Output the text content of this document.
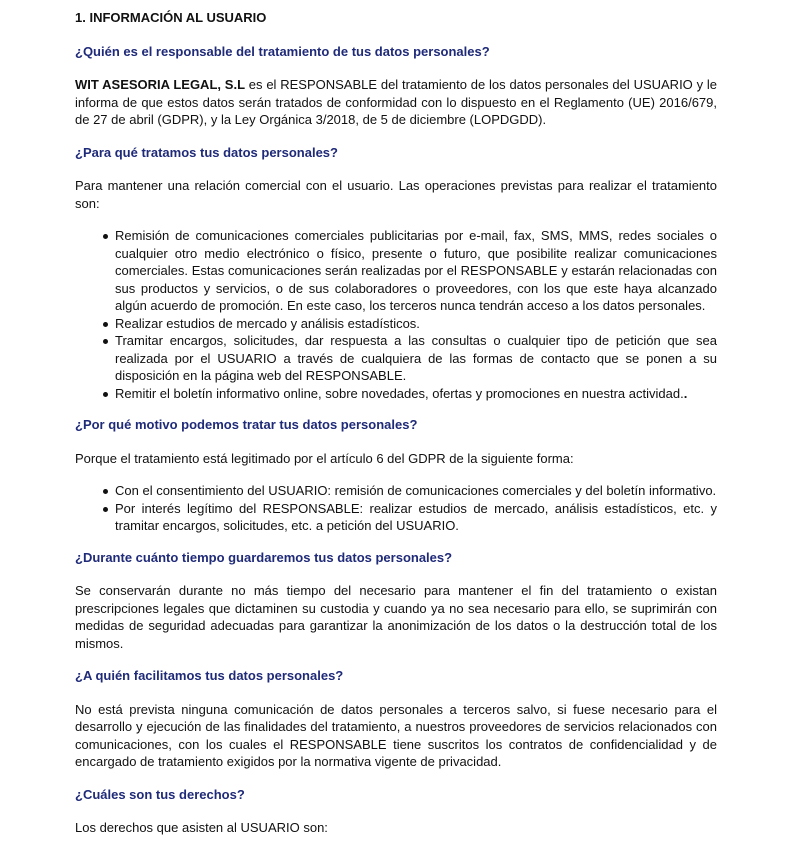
1. INFORMACIÓN AL USUARIO
¿Quién es el responsable del tratamiento de tus datos personales?

WIT ASESORIA LEGAL, S.L es el RESPONSABLE del tratamiento de los datos personales del USUARIO y le informa de que estos datos serán tratados de conformidad con lo dispuesto en el Reglamento (UE) 2016/679, de 27 de abril (GDPR), y la Ley Orgánica 3/2018, de 5 de diciembre (LOPDGDD).

¿Para qué tratamos tus datos personales?

Para mantener una relación comercial con el usuario. Las operaciones previstas para realizar el tratamiento son:

Remisión de comunicaciones comerciales publicitarias por e-mail, fax, SMS, MMS, redes sociales o cualquier otro medio electrónico o físico, presente o futuro, que posibilite realizar comunicaciones comerciales. Estas comunicaciones serán realizadas por el RESPONSABLE y estarán relacionadas con sus productos y servicios, o de sus colaboradores o proveedores, con los que este haya alcanzado algún acuerdo de promoción. En este caso, los terceros nunca tendrán acceso a los datos personales.
Realizar estudios de mercado y análisis estadísticos.
Tramitar encargos, solicitudes, dar respuesta a las consultas o cualquier tipo de petición que sea realizada por el USUARIO a través de cualquiera de las formas de contacto que se ponen a su disposición en la página web del RESPONSABLE.
Remitir el boletín informativo online, sobre novedades, ofertas y promociones en nuestra actividad..
¿Por qué motivo podemos tratar tus datos personales?

Porque el tratamiento está legitimado por el artículo 6 del GDPR de la siguiente forma:

Con el consentimiento del USUARIO: remisión de comunicaciones comerciales y del boletín informativo.
Por interés legítimo del RESPONSABLE: realizar estudios de mercado, análisis estadísticos, etc. y tramitar encargos, solicitudes, etc. a petición del USUARIO.
¿Durante cuánto tiempo guardaremos tus datos personales?

Se conservarán durante no más tiempo del necesario para mantener el fin del tratamiento o existan prescripciones legales que dictaminen su custodia y cuando ya no sea necesario para ello, se suprimirán con medidas de seguridad adecuadas para garantizar la anonimización de los datos o la destrucción total de los mismos.

¿A quién facilitamos tus datos personales?

No está prevista ninguna comunicación de datos personales a terceros salvo, si fuese necesario para el desarrollo y ejecución de las finalidades del tratamiento, a nuestros proveedores de servicios relacionados con comunicaciones, con los cuales el RESPONSABLE tiene suscritos los contratos de confidencialidad y de encargado de tratamiento exigidos por la normativa vigente de privacidad.

¿Cuáles son tus derechos?

Los derechos que asisten al USUARIO son:
